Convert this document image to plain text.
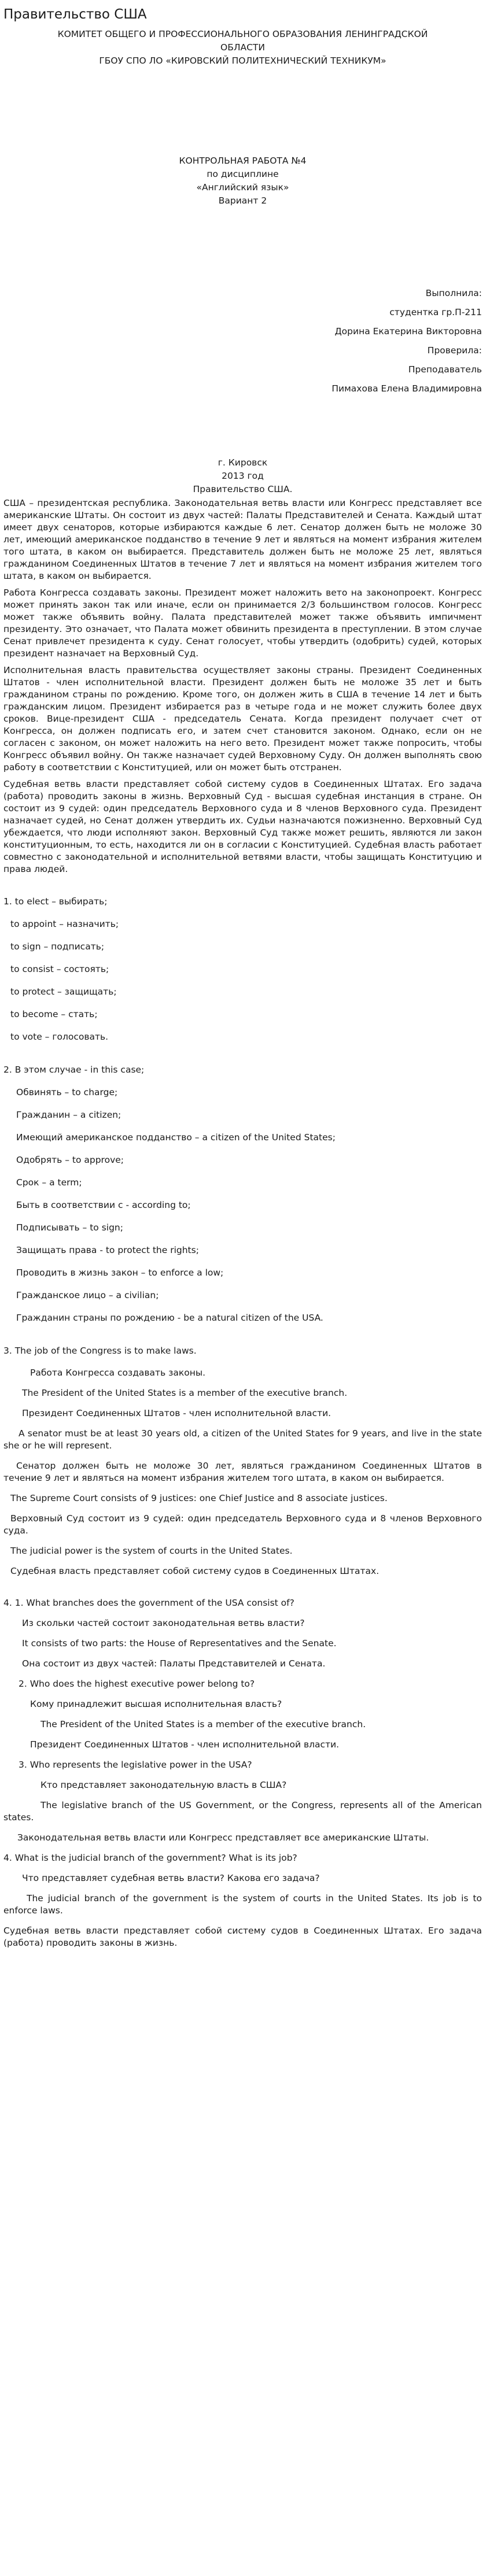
Правительство США
КОМИТЕТ ОБЩЕГО И ПРОФЕССИОНАЛЬНОГО ОБРАЗОВАНИЯ ЛЕНИНГРАДСКОЙ
ОБЛАСТИ
ГБОУ СПО ЛО «КИРОВСКИЙ ПОЛИТЕХНИЧЕСКИЙ ТЕХНИКУМ»
КОНТРОЛЬНАЯ РАБОТА №4
по дисциплине
«Английский язык»
Вариант 2
Выполнила:
студентка гр.П-211
Дорина Екатерина Викторовна
Проверила:
Преподаватель
Пимахова Елена Владимировна
г. Кировск
2013 год
Правительство США.

США – президентская республика. Законодательная ветвь власти или Конгресс представляет все американские Штаты. Он состоит из двух частей: Палаты Представителей и Сената. Каждый штат имеет двух сенаторов, которые избираются каждые 6 лет. Сенатор должен быть не моложе 30 лет, имеющий американское подданство в течение 9 лет и являться на момент избрания жителем того штата, в каком он выбирается. Представитель должен быть не моложе 25 лет, являться гражданином Соединенных Штатов в течение 7 лет и являться на момент избрания жителем того штата, в каком он выбирается.

Работа Конгресса создавать законы. Президент может наложить вето на законопроект. Конгресс может принять закон так или иначе, если он принимается 2/3 большинством голосов. Конгресс может также объявить войну. Палата представителей может также объявить импичмент президенту. Это означает, что Палата может обвинить президента в преступлении. В этом случае Сенат привлечет президента к суду. Сенат голосует, чтобы утвердить (одобрить) судей, которых президент назначает на Верховный Суд.

Исполнительная власть правительства осуществляет законы страны. Президент Соединенных Штатов - член исполнительной власти. Президент должен быть не моложе 35 лет и быть гражданином страны по рождению. Кроме того, он должен жить в США в течение 14 лет и быть гражданским лицом. Президент избирается раз в четыре года и не может служить более двух сроков. Вице-президент США - председатель Сената. Когда президент получает счет от Конгресса, он должен подписать его, и затем счет становится законом. Однако, если он не согласен с законом, он может наложить на него вето. Президент может также попросить, чтобы Конгресс объявил войну. Он также назначает судей Верховному Суду. Он должен выполнять свою работу в соответствии с Конституцией, или он может быть отстранен.

Судебная ветвь власти представляет собой систему судов в Соединенных Штатах. Его задача (работа) проводить законы в жизнь. Верховный Суд - высшая судебная инстанция в стране. Он состоит из 9 судей: один председатель Верховного суда и 8 членов Верховного суда. Президент назначает судей, но Сенат должен утвердить их. Судьи назначаются пожизненно. Верховный Суд убеждается, что люди исполняют закон. Верховный Суд также может решить, являются ли закон конституционным, то есть, находится ли он в согласии с Конституцией. Судебная власть работает совместно с законодательной и исполнительной ветвями власти, чтобы защищать Конституцию и права людей.

1. to elect – выбирать;
to appoint – назначить;
to sign – подписать;
to consist – состоять;
to protect – защищать;
to become – стать;
to vote – голосовать.
2. В этом случае - in this case;
Обвинять – to charge;
Гражданин – a citizen;
Имеющий американское подданство – a citizen of the United States;
Одобрять – to approve;
Срок – a term;
Быть в соответствии с - according to;
Подписывать – to sign;
Защищать права - to protect the rights;
Проводить в жизнь закон – to enforce a low;
Гражданское лицо – a civilian;
Гражданин страны по рождению - be a natural citizen of the USA.
3. The job of the Congress is to make laws.

Работа Конгресса создавать законы.

The President of the United States is a member of the executive branch.

Президент Соединенных Штатов - член исполнительной власти.

A senator must be at least 30 years old, a citizen of the United States for 9 years, and live in the state she or he will represent.

Сенатор должен быть не моложе 30 лет, являться гражданином Соединенных Штатов в течение 9 лет и являться на момент избрания жителем того штата, в каком он выбирается.

The Supreme Court consists of 9 justices: one Chief Justice and 8 associate justices.

Верховный Суд состоит из 9 судей: один председатель Верховного суда и 8 членов Верховного суда.

The judicial power is the system of courts in the United States.

Судебная власть представляет собой систему судов в Соединенных Штатах.

4. 1. What branches does the government of the USA consist of?

Из скольки частей состоит законодательная ветвь власти?

It consists of two parts: the House of Representatives and the Senate.

Она состоит из двух частей: Палаты Представителей и Сената.

2. Who does the highest executive power belong to?

Кому принадлежит высшая исполнительная власть?

The President of the United States is a member of the executive branch.

Президент Соединенных Штатов - член исполнительной власти.

3. Who represents the legislative power in the USA?

Кто представляет законодательную власть в США?

The legislative branch of the US Government, or the Congress, represents all of the American states.

Законодательная ветвь власти или Конгресс представляет все американские Штаты.

4. What is the judicial branch of the government? What is its job?

Что представляет судебная ветвь власти? Какова его задача?

The judicial branch of the government is the system of courts in the United States. Its job is to enforce laws.

Судебная ветвь власти представляет собой систему судов в Соединенных Штатах. Его задача (работа) проводить законы в жизнь.
